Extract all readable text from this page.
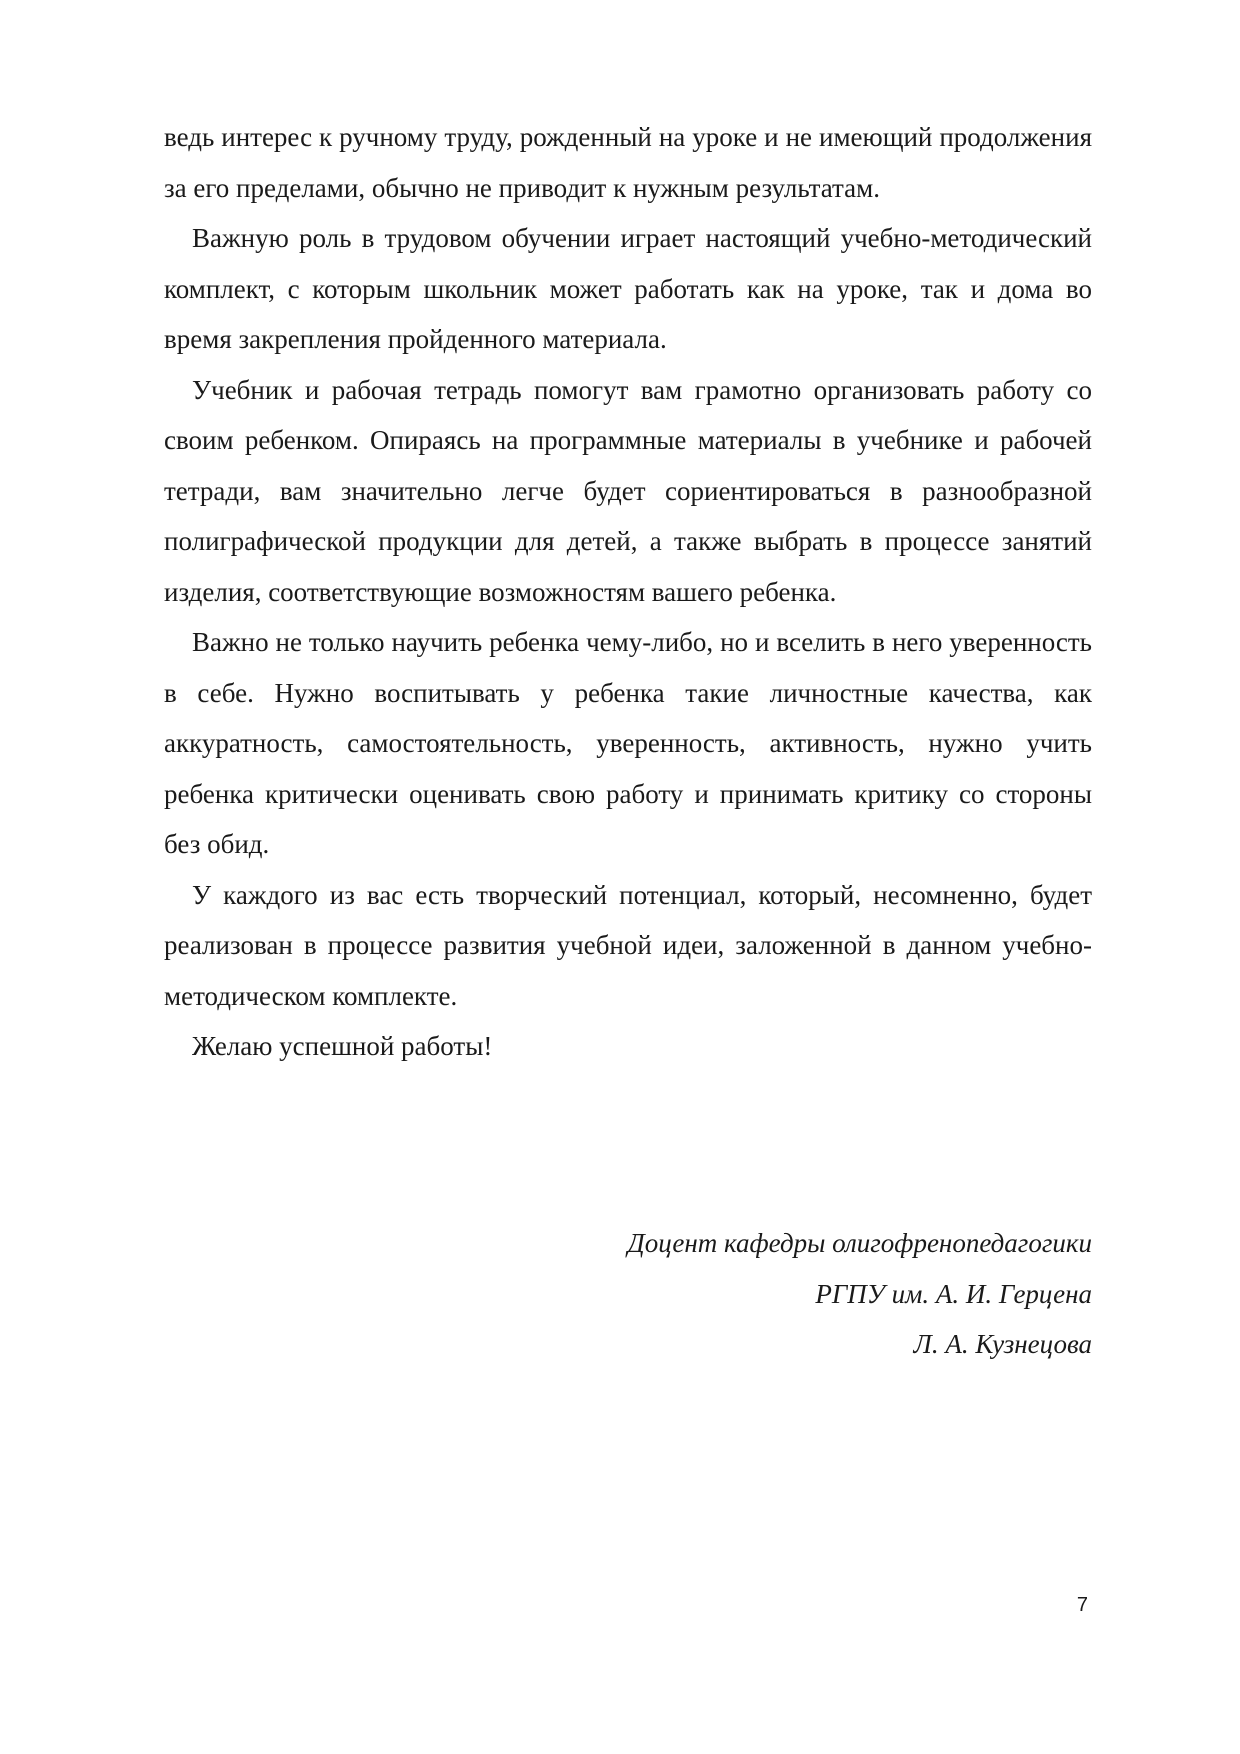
ведь интерес к ручному труду, рожденный на уроке и не имеющий продолжения за его пределами, обычно не приводит к нужным результатам.

Важную роль в трудовом обучении играет настоящий учебно-методический комплект, с которым школьник может работать как на уроке, так и дома во время закрепления пройденного материала.

Учебник и рабочая тетрадь помогут вам грамотно организовать работу со своим ребенком. Опираясь на программные материалы в учебнике и рабочей тетради, вам значительно легче будет сориентироваться в разнообразной полиграфической продукции для детей, а также выбрать в процессе занятий изделия, соответствующие возможностям вашего ребенка.

Важно не только научить ребенка чему-либо, но и вселить в него уверенность в себе. Нужно воспитывать у ребенка такие личностные качества, как аккуратность, самостоятельность, уверенность, активность, нужно учить ребенка критически оценивать свою работу и принимать критику со стороны без обид.

У каждого из вас есть творческий потенциал, который, несомненно, будет реализован в процессе развития учебной идеи, заложенной в данном учебно-методическом комплекте.

Желаю успешной работы!

Доцент кафедры олигофренопедагогики
РГПУ им. А. И. Герцена
Л. А. Кузнецова
7
